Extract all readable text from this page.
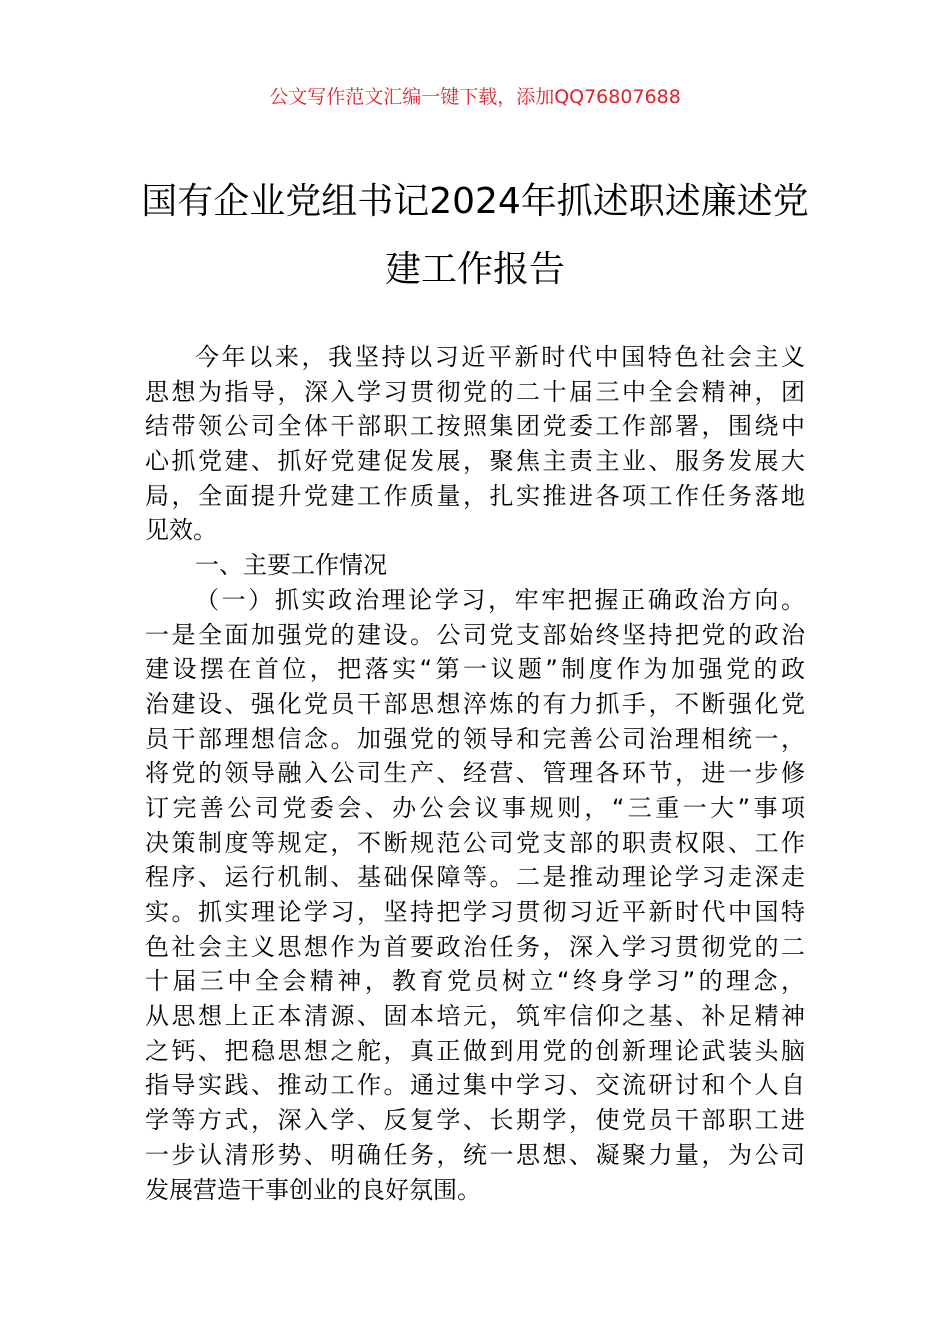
公文写作范文汇编一键下载，添加QQ76807688
国有企业党组书记2024年抓述职述廉述党
建工作报告
今年以来，我坚持以习近平新时代中国特色社会主义
思想为指导，深入学习贯彻党的二十届三中全会精神，团
结带领公司全体干部职工按照集团党委工作部署，围绕中
心抓党建、抓好党建促发展，聚焦主责主业、服务发展大
局，全面提升党建工作质量，扎实推进各项工作任务落地
见效。
一、主要工作情况
（一）抓实政治理论学习，牢牢把握正确政治方向。
一是全面加强党的建设。公司党支部始终坚持把党的政治
建设摆在首位，把落实“第一议题”制度作为加强党的政
治建设、强化党员干部思想淬炼的有力抓手，不断强化党
员干部理想信念。加强党的领导和完善公司治理相统一，
将党的领导融入公司生产、经营、管理各环节，进一步修
订完善公司党委会、办公会议事规则，“三重一大”事项
决策制度等规定，不断规范公司党支部的职责权限、工作
程序、运行机制、基础保障等。二是推动理论学习走深走
实。抓实理论学习，坚持把学习贯彻习近平新时代中国特
色社会主义思想作为首要政治任务，深入学习贯彻党的二
十届三中全会精神，教育党员树立“终身学习”的理念，
从思想上正本清源、固本培元，筑牢信仰之基、补足精神
之钙、把稳思想之舵，真正做到用党的创新理论武装头脑
指导实践、推动工作。通过集中学习、交流研讨和个人自
学等方式，深入学、反复学、长期学，使党员干部职工进
一步认清形势、明确任务，统一思想、凝聚力量，为公司
发展营造干事创业的良好氛围。
